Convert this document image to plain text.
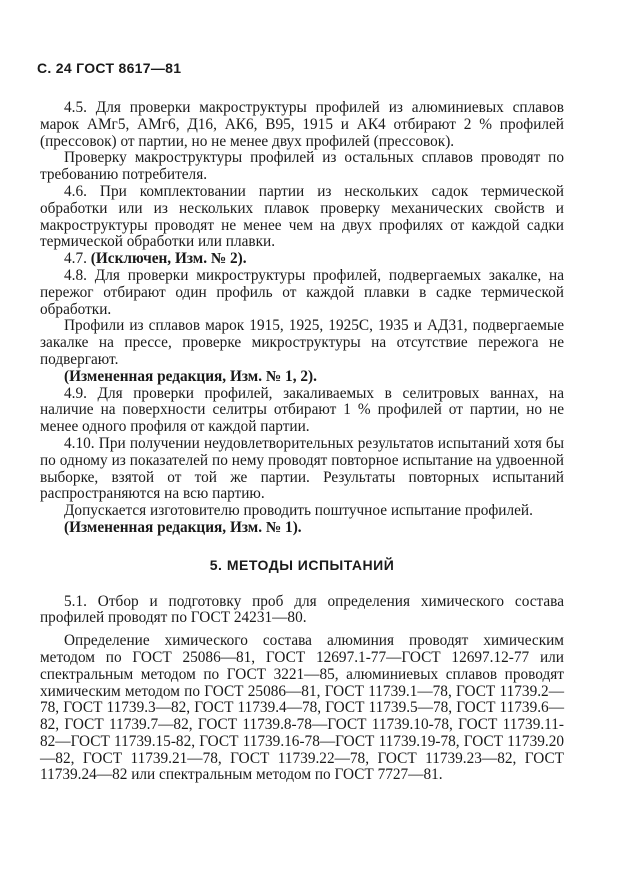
С. 24 ГОСТ 8617—81

4.5. Для проверки макроструктуры профилей из алюминиевых сплавов марок АМг5, АМг6, Д16, АК6, В95, 1915 и АК4 отбирают 2 % профилей (прессовок) от партии, но не менее двух профилей (прессовок).

Проверку макроструктуры профилей из остальных сплавов проводят по требованию потребителя.

4.6. При комплектовании партии из нескольких садок термической обработки или из нескольких плавок проверку механических свойств и макроструктуры проводят не менее чем на двух профилях от каждой садки термической обработки или плавки.

4.7. (Исключен, Изм. № 2).

4.8. Для проверки микроструктуры профилей, подвергаемых закалке, на пережог отбирают один профиль от каждой плавки в садке термической обработки.

Профили из сплавов марок 1915, 1925, 1925С, 1935 и АД31, подвергаемые закалке на прессе, проверке микроструктуры на отсутствие пережога не подвергают.

(Измененная редакция, Изм. № 1, 2).

4.9. Для проверки профилей, закаливаемых в селитровых ваннах, на наличие на поверхности селитры отбирают 1 % профилей от партии, но не менее одного профиля от каждой партии.

4.10. При получении неудовлетворительных результатов испытаний хотя бы по одному из показателей по нему проводят повторное испытание на удвоенной выборке, взятой от той же партии. Результаты повторных испытаний распространяются на всю партию.

Допускается изготовителю проводить поштучное испытание профилей.

(Измененная редакция, Изм. № 1).

5. МЕТОДЫ ИСПЫТАНИЙ

5.1. Отбор и подготовку проб для определения химического состава профилей проводят по ГОСТ 24231—80.

Определение химического состава алюминия проводят химическим методом по ГОСТ 25086—81, ГОСТ 12697.1-77—ГОСТ 12697.12-77 или спектральным методом по ГОСТ 3221—85, алюминиевых сплавов проводят химическим методом по ГОСТ 25086—81, ГОСТ 11739.1—78, ГОСТ 11739.2—78, ГОСТ 11739.3—82, ГОСТ 11739.4—78, ГОСТ 11739.5—78, ГОСТ 11739.6—82, ГОСТ 11739.7—82, ГОСТ 11739.8-78—ГОСТ 11739.10-78, ГОСТ 11739.11-82—ГОСТ 11739.15-82, ГОСТ 11739.16-78—ГОСТ 11739.19-78, ГОСТ 11739.20—82, ГОСТ 11739.21—78, ГОСТ 11739.22—78, ГОСТ 11739.23—82, ГОСТ 11739.24—82 или спектральным методом по ГОСТ 7727—81.
